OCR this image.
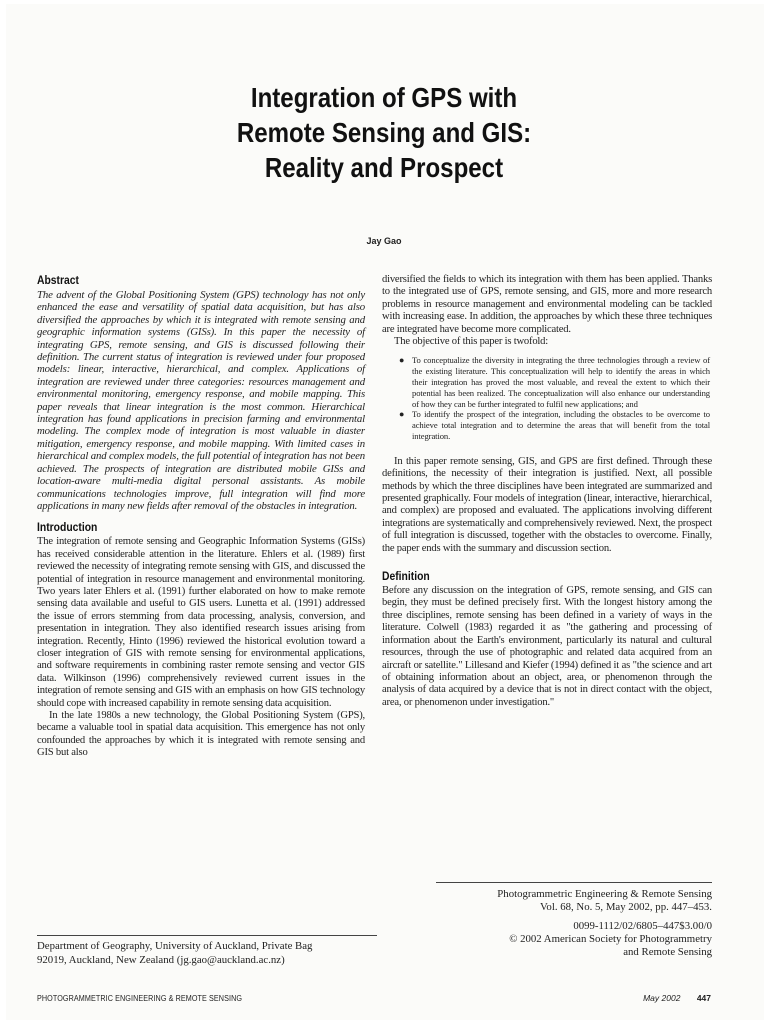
Integration of GPS with
Remote Sensing and GIS:
Reality and Prospect
Jay Gao
Abstract

The advent of the Global Positioning System (GPS) technology has not only enhanced the ease and versatility of spatial data acquisition, but has also diversified the approaches by which it is integrated with remote sensing and geographic information systems (GISs). In this paper the necessity of integrating GPS, remote sensing, and GIS is discussed following their definition. The current status of integration is reviewed under four proposed models: linear, interactive, hierarchical, and complex. Applications of integration are reviewed under three categories: resources management and environmental monitoring, emergency response, and mobile mapping. This paper reveals that linear integration is the most common. Hierarchical integration has found applications in precision farming and environmental modeling. The complex mode of integration is most valuable in diaster mitigation, emergency response, and mobile mapping. With limited cases in hierarchical and complex models, the full potential of integration has not been achieved. The prospects of integration are distributed mobile GISs and location-aware multi-media digital personal assistants. As mobile communications technologies improve, full integration will find more applications in many new fields after removal of the obstacles in integration.

Introduction

The integration of remote sensing and Geographic Information Systems (GISs) has received considerable attention in the literature. Ehlers et al. (1989) first reviewed the necessity of integrating remote sensing with GIS, and discussed the potential of integration in resource management and environmental monitoring. Two years later Ehlers et al. (1991) further elaborated on how to make remote sensing data available and useful to GIS users. Lunetta et al. (1991) addressed the issue of errors stemming from data processing, analysis, conversion, and presentation in integration. They also identified research issues arising from integration. Recently, Hinto (1996) reviewed the historical evolution toward a closer integration of GIS with remote sensing for environmental applications, and software requirements in combining raster remote sensing and vector GIS data. Wilkinson (1996) comprehensively reviewed current issues in the integration of remote sensing and GIS with an emphasis on how GIS technology should cope with increased capability in remote sensing data acquisition.

In the late 1980s a new technology, the Global Positioning System (GPS), became a valuable tool in spatial data acquisition. This emergence has not only confounded the approaches by which it is integrated with remote sensing and GIS but also

diversified the fields to which its integration with them has been applied. Thanks to the integrated use of GPS, remote sensing, and GIS, more and more research problems in resource management and environmental modeling can be tackled with increasing ease. In addition, the approaches by which these three techniques are integrated have become more complicated.

The objective of this paper is twofold:

● To conceptualize the diversity in integrating the three technologies through a review of the existing literature. This conceptualization will help to identify the areas in which their integration has proved the most valuable, and reveal the extent to which their potential has been realized. The conceptualization will also enhance our understanding of how they can be further integrated to fulfil new applications; and
● To identify the prospect of the integration, including the obstacles to be overcome to achieve total integration and to determine the areas that will benefit from the total integration.

In this paper remote sensing, GIS, and GPS are first defined. Through these definitions, the necessity of their integration is justified. Next, all possible methods by which the three disciplines have been integrated are summarized and presented graphically. Four models of integration (linear, interactive, hierarchical, and complex) are proposed and evaluated. The applications involving different integrations are systematically and comprehensively reviewed. Next, the prospect of full integration is discussed, together with the obstacles to overcome. Finally, the paper ends with the summary and discussion section.

Definition

Before any discussion on the integration of GPS, remote sensing, and GIS can begin, they must be defined precisely first. With the longest history among the three disciplines, remote sensing has been defined in a variety of ways in the literature. Colwell (1983) regarded it as "the gathering and processing of information about the Earth's environment, particularly its natural and cultural resources, through the use of photographic and related data acquired from an aircraft or satellite." Lillesand and Kiefer (1994) defined it as "the science and art of obtaining information about an object, area, or phenomenon through the analysis of data acquired by a device that is not in direct contact with the object, area, or phenomenon under investigation."

Photogrammetric Engineering & Remote Sensing
Vol. 68, No. 5, May 2002, pp. 447–453.
0099-1112/02/6805–447$3.00/0
© 2002 American Society for Photogrammetry
and Remote Sensing
Department of Geography, University of Auckland, Private Bag
92019, Auckland, New Zealand (jg.gao@auckland.ac.nz)
PHOTOGRAMMETRIC ENGINEERING & REMOTE SENSING	May 2002 447
